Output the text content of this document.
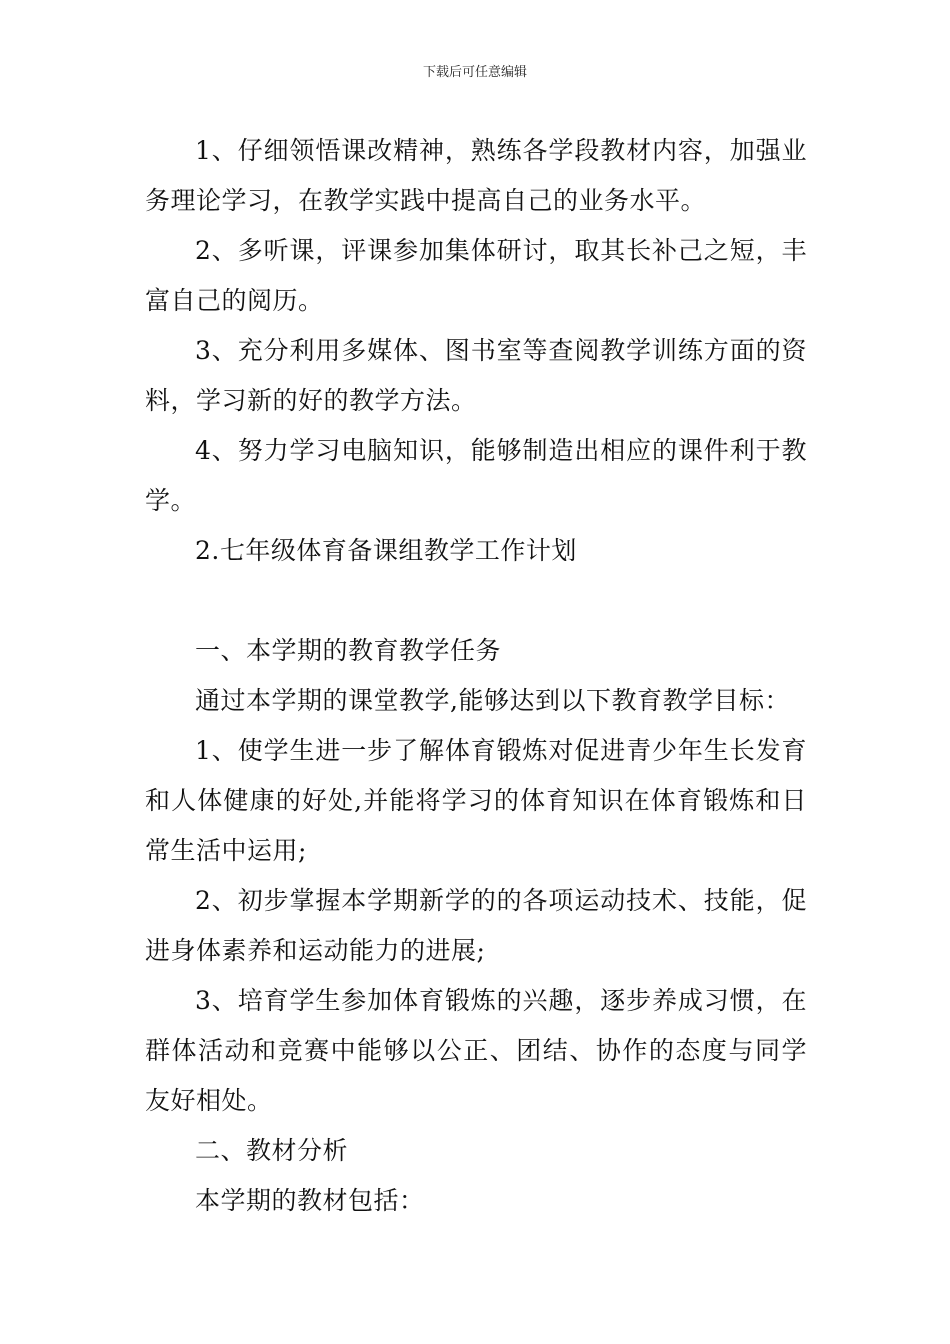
下载后可任意编辑

1、仔细领悟课改精神，熟练各学段教材内容，加强业务理论学习，在教学实践中提高自己的业务水平。

2、多听课，评课参加集体研讨，取其长补己之短，丰富自己的阅历。

3、充分利用多媒体、图书室等查阅教学训练方面的资料，学习新的好的教学方法。

4、努力学习电脑知识，能够制造出相应的课件利于教学。

2.七年级体育备课组教学工作计划

一、本学期的教育教学任务

通过本学期的课堂教学,能够达到以下教育教学目标：

1、使学生进一步了解体育锻炼对促进青少年生长发育和人体健康的好处,并能将学习的体育知识在体育锻炼和日常生活中运用;

2、初步掌握本学期新学的的各项运动技术、技能，促进身体素养和运动能力的进展;

3、培育学生参加体育锻炼的兴趣，逐步养成习惯，在群体活动和竞赛中能够以公正、团结、协作的态度与同学友好相处。

二、教材分析

本学期的教材包括：
